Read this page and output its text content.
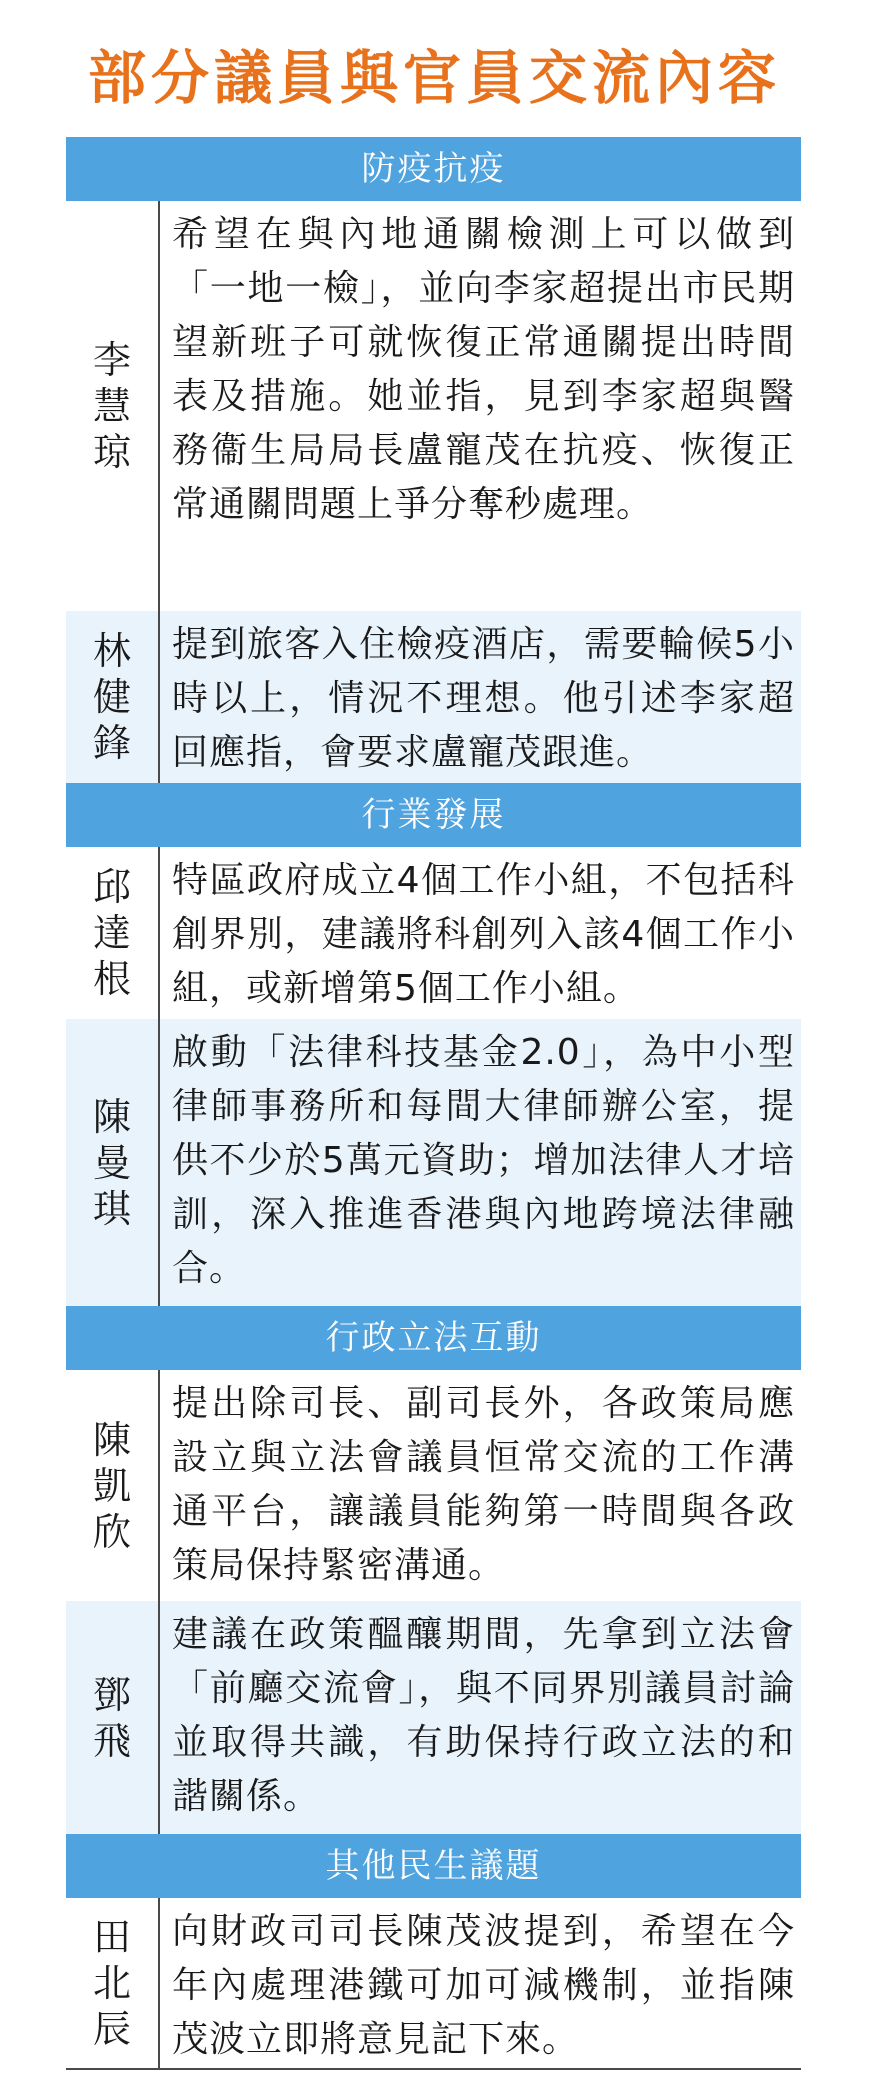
部分議員與官員交流內容
防疫抗疫
李慧琼
希望在與內地通關檢測上可以做到「一地一檢」，並向李家超提出市民期望新班子可就恢復正常通關提出時間表及措施。她並指，見到李家超與醫務衞生局局長盧寵茂在抗疫、恢復正常通關問題上爭分奪秒處理。
林健鋒
提到旅客入住檢疫酒店，需要輪候5小時以上，情況不理想。他引述李家超回應指，會要求盧寵茂跟進。
行業發展
邱達根
特區政府成立4個工作小組，不包括科創界別，建議將科創列入該4個工作小組，或新增第5個工作小組。
陳曼琪
啟動「法律科技基金2.0」，為中小型律師事務所和每間大律師辦公室，提供不少於5萬元資助；增加法律人才培訓，深入推進香港與內地跨境法律融合。
行政立法互動
陳凱欣
提出除司長、副司長外，各政策局應設立與立法會議員恒常交流的工作溝通平台，讓議員能夠第一時間與各政策局保持緊密溝通。
鄧飛
建議在政策醞釀期間，先拿到立法會「前廳交流會」，與不同界別議員討論並取得共識，有助保持行政立法的和諧關係。
其他民生議題
田北辰
向財政司司長陳茂波提到，希望在今年內處理港鐵可加可減機制，並指陳茂波立即將意見記下來。
